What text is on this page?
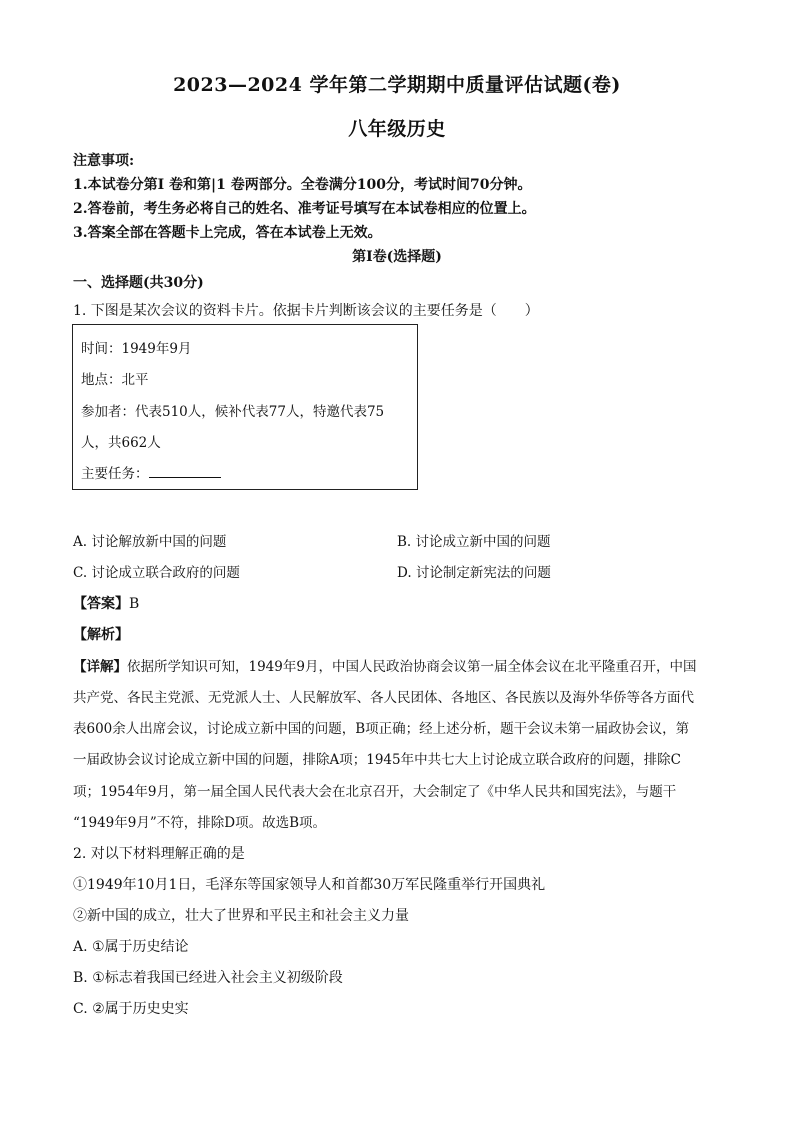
2023—2024 学年第二学期期中质量评估试题(卷)
八年级历史
注意事项:
1.本试卷分第Ⅰ 卷和第|1 卷两部分。全卷满分100分，考试时间70分钟。
2.答卷前，考生务必将自己的姓名、准考证号填写在本试卷相应的位置上。
3.答案全部在答题卡上完成，答在本试卷上无效。
第Ⅰ卷(选择题)
一、选择题(共30分)
1. 下图是某次会议的资料卡片。依据卡片判断该会议的主要任务是（　　）
时间：1949年9月
地点：北平
参加者：代表510人，候补代表77人，特邀代表75
人，共662人
主要任务：
A. 讨论解放新中国的问题	B. 讨论成立新中国的问题
C. 讨论成立联合政府的问题	D. 讨论制定新宪法的问题
【答案】B
【解析】
【详解】依据所学知识可知，1949年9月，中国人民政治协商会议第一届全体会议在北平隆重召开，中国
共产党、各民主党派、无党派人士、人民解放军、各人民团体、各地区、各民族以及海外华侨等各方面代
表600余人出席会议，讨论成立新中国的问题，B项正确；经上述分析，题干会议未第一届政协会议，第
一届政协会议讨论成立新中国的问题，排除A项；1945年中共七大上讨论成立联合政府的问题，排除C
项；1954年9月，第一届全国人民代表大会在北京召开，大会制定了《中华人民共和国宪法》，与题干
“1949年9月”不符，排除D项。故选B项。
2. 对以下材料理解正确的是
①1949年10月1日，毛泽东等国家领导人和首都30万军民隆重举行开国典礼
②新中国的成立，壮大了世界和平民主和社会主义力量
A. ①属于历史结论
B. ①标志着我国已经进入社会主义初级阶段
C. ②属于历史史实
